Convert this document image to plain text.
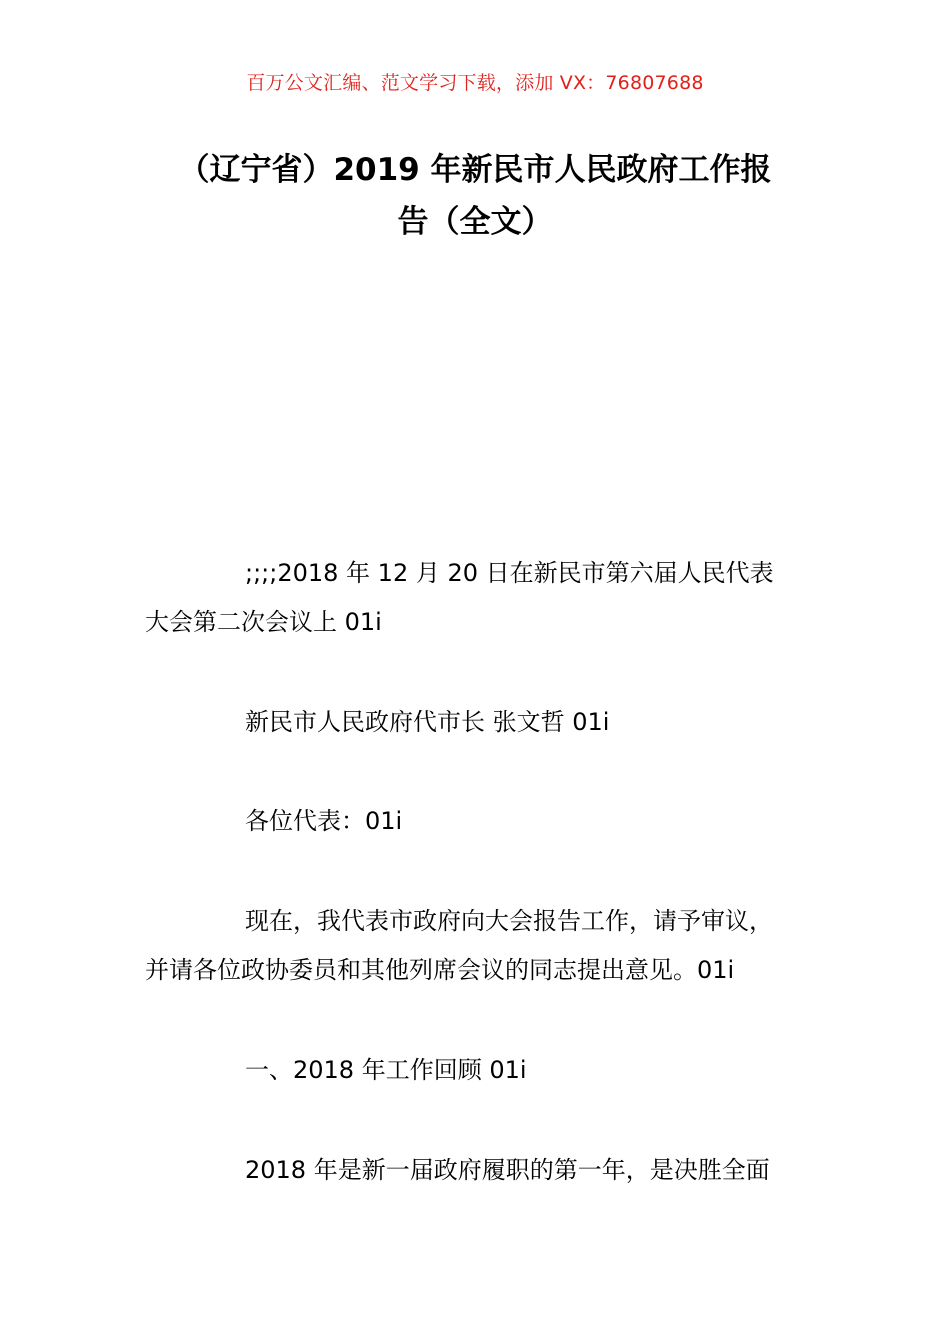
百万公文汇编、范文学习下载，添加 VX：76807688
（辽宁省）2019 年新民市人民政府工作报
告（全文）
;;;;2018 年 12 月 20 日在新民市第六届人民代表
大会第二次会议上 01i
新民市人民政府代市长 张文哲 01i
各位代表：01i
现在，我代表市政府向大会报告工作，请予审议，
并请各位政协委员和其他列席会议的同志提出意见。01i
一、2018 年工作回顾 01i
2018 年是新一届政府履职的第一年，是决胜全面
